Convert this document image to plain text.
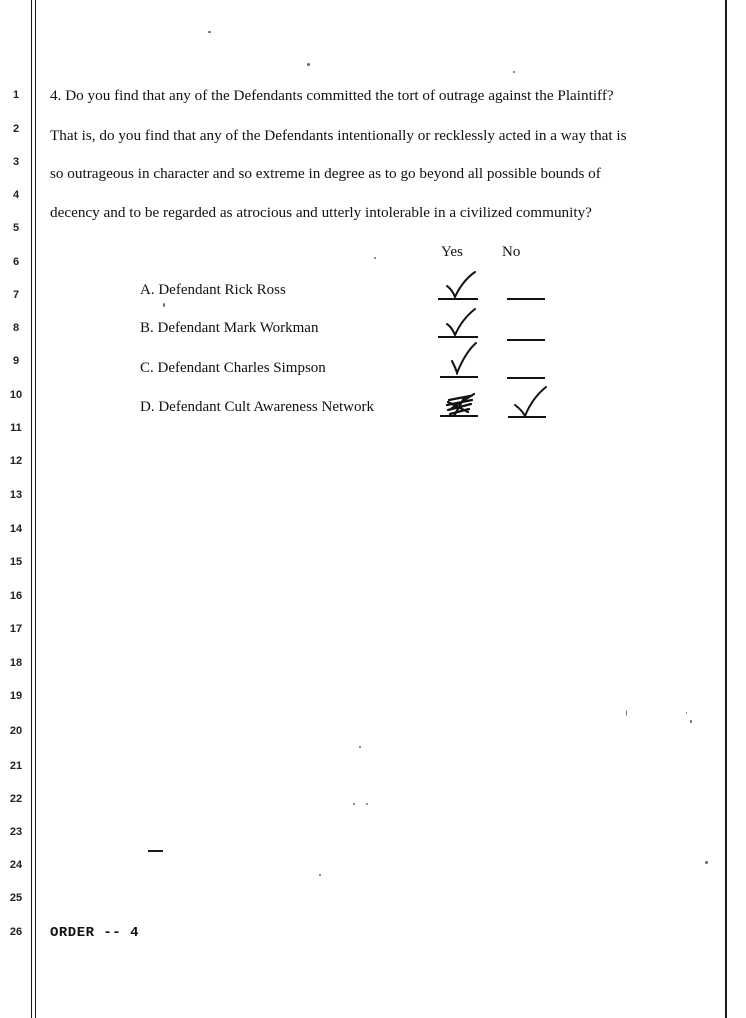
1
2
3
4
5
6
7
8
9
10
11
12
13
14
15
16
17
18
19
20
21
22
23
24
25
26
4. Do you find that any of the Defendants committed the tort of outrage against the Plaintiff?
That is, do you find that any of the Defendants intentionally or recklessly acted in a way that is
so outrageous in character and so extreme in degree as to go beyond all possible bounds of
decency and to be regarded as atrocious and utterly intolerable in a civilized community?
Yes	No
A. Defendant Rick Ross
B. Defendant Mark Workman
C. Defendant Charles Simpson
D. Defendant Cult Awareness Network
ORDER -- 4
